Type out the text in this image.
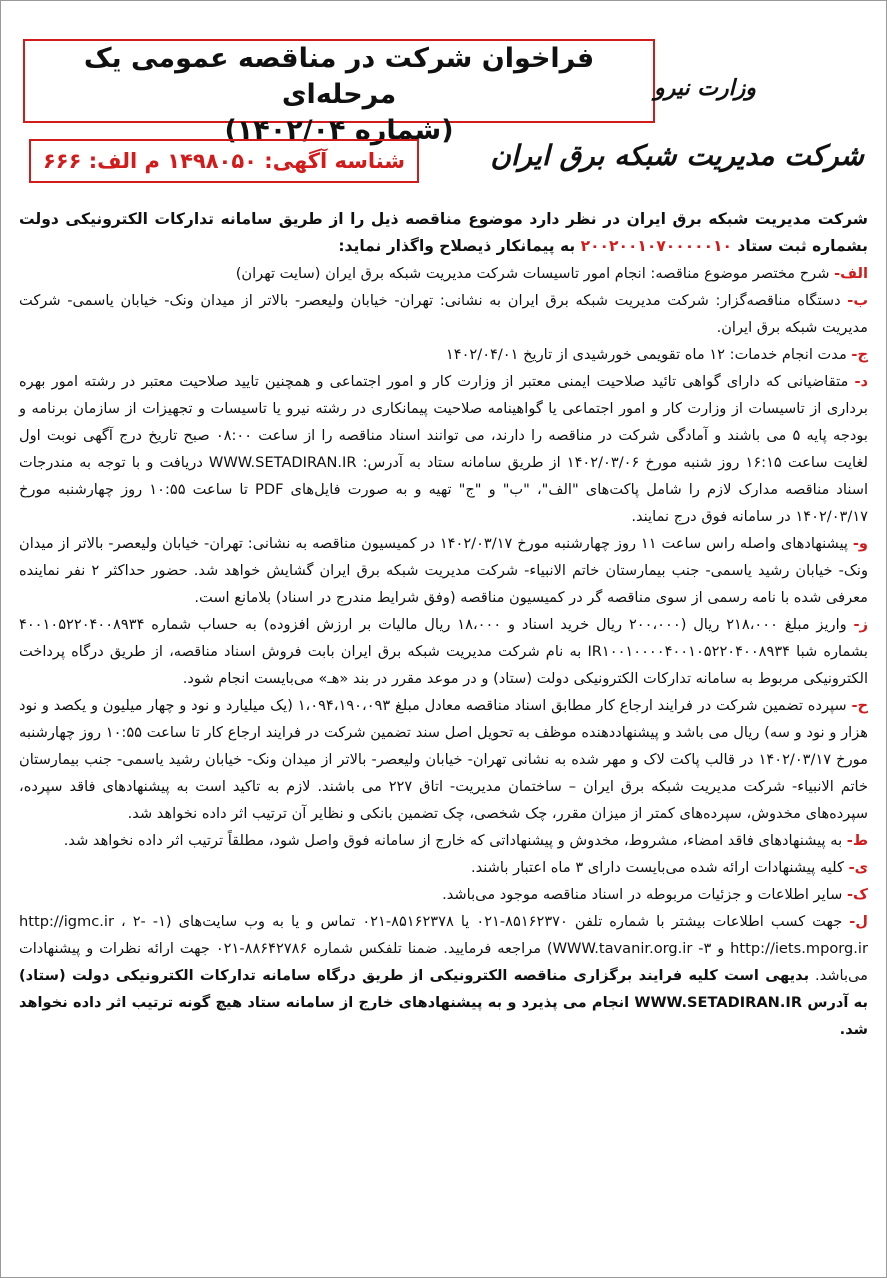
فراخوان شرکت در مناقصه عمومی یک مرحله‌ای
(شماره ۱۴۰۲/۰۴)
وزارت نیرو
شرکت مدیریت شبکه برق ایران
شناسه آگهی: ۱۴۹۸۰۵۰ م الف: ۶۶۶

شرکت مدیریت شبکه برق ایران در نظر دارد موضوع مناقصه ذیل را از طریق سامانه تدارکات الکترونیکی دولت بشماره ثبت ستاد ۲۰۰۲۰۰۱۰۷۰۰۰۰۰۱۰ به پیمانکار ذیصلاح واگذار نماید:

الف- شرح مختصر موضوع مناقصه: انجام امور تاسیسات شرکت مدیریت شبکه برق ایران (سایت تهران)

ب- دستگاه مناقصه‌گزار: شرکت مدیریت شبکه برق ایران به نشانی: تهران- خیابان ولیعصر- بالاتر از میدان ونک- خیابان یاسمی- شرکت مدیریت شبکه برق ایران.

ج- مدت انجام خدمات: ۱۲ ماه تقویمی خورشیدی از تاریخ ۱۴۰۲/۰۴/۰۱

د- متقاضیانی که دارای گواهی تائید صلاحیت ایمنی معتبر از وزارت کار و امور اجتماعی و همچنین تایید صلاحیت معتبر در رشته امور بهره برداری از تاسیسات از وزارت کار و امور اجتماعی یا گواهینامه صلاحیت پیمانکاری در رشته نیرو یا تاسیسات و تجهیزات از سازمان برنامه و بودجه پایه ۵ می باشند و آمادگی شرکت در مناقصه را دارند، می توانند اسناد مناقصه را از ساعت ۰۸:۰۰ صبح تاریخ درج آگهی نوبت اول لغایت ساعت ۱۶:۱۵ روز شنبه مورخ ۱۴۰۲/۰۳/۰۶ از طریق سامانه ستاد به آدرس: WWW.SETADIRAN.IR دریافت و با توجه به مندرجات اسناد مناقصه مدارک لازم را شامل پاکت‌های "الف"، "ب" و "ج" تهیه و به صورت فایل‌های PDF تا ساعت ۱۰:۵۵ روز چهارشنبه مورخ ۱۴۰۲/۰۳/۱۷ در سامانه فوق درج نمایند.

و- پیشنهادهای واصله راس ساعت ۱۱ روز چهارشنبه مورخ ۱۴۰۲/۰۳/۱۷ در کمیسیون مناقصه به نشانی: تهران- خیابان ولیعصر- بالاتر از میدان ونک- خیابان رشید یاسمی- جنب بیمارستان خاتم الانبیاء- شرکت مدیریت شبکه برق ایران گشایش خواهد شد. حضور حداکثر ۲ نفر نماینده معرفی شده با نامه رسمی از سوی مناقصه گر در کمیسیون مناقصه (وفق شرایط مندرج در اسناد) بلامانع است.

ز- واریز مبلغ ۲۱۸،۰۰۰ ریال (۲۰۰،۰۰۰ ریال خرید اسناد و ۱۸،۰۰۰ ریال مالیات بر ارزش افزوده) به حساب شماره ۴۰۰۱۰۵۲۲۰۴۰۰۸۹۳۴ بشماره شبا IR۱۰۰۱۰۰۰۰۴۰۰۱۰۵۲۲۰۴۰۰۸۹۳۴ به نام شرکت مدیریت شبکه برق ایران بابت فروش اسناد مناقصه، از طریق درگاه پرداخت الکترونیکی مربوط به سامانه تدارکات الکترونیکی دولت (ستاد) و در موعد مقرر در بند «هـ» می‌بایست انجام شود.

ح- سپرده تضمین شرکت در فرایند ارجاع کار مطابق اسناد مناقصه معادل مبلغ ۱،۰۹۴،۱۹۰،۰۹۳ (یک میلیارد و نود و چهار میلیون و یکصد و نود هزار و نود و سه) ریال می باشد و پیشنهاددهنده موظف به تحویل اصل سند تضمین شرکت در فرایند ارجاع کار تا ساعت ۱۰:۵۵ روز چهارشنبه مورخ ۱۴۰۲/۰۳/۱۷ در قالب پاکت لاک و مهر شده به نشانی تهران- خیابان ولیعصر- بالاتر از میدان ونک- خیابان رشید یاسمی- جنب بیمارستان خاتم الانبیاء- شرکت مدیریت شبکه برق ایران – ساختمان مدیریت- اتاق ۲۲۷ می باشند. لازم به تاکید است به پیشنهادهای فاقد سپرده، سپرده‌های مخدوش، سپرده‌های کمتر از میزان مقرر، چک شخصی، چک تضمین بانکی و نظایر آن ترتیب اثر داده نخواهد شد.

ط- به پیشنهادهای فاقد امضاء، مشروط، مخدوش و پیشنهاداتی که خارج از سامانه فوق واصل شود، مطلقاً ترتیب اثر داده نخواهد شد.

ی- کلیه پیشنهادات ارائه شده می‌بایست دارای ۳ ماه اعتبار باشند.

ک- سایر اطلاعات و جزئیات مربوطه در اسناد مناقصه موجود می‌باشد.

ل- جهت کسب اطلاعات بیشتر با شماره تلفن ۸۵۱۶۲۳۷۰-۰۲۱ یا ۸۵۱۶۲۳۷۸-۰۲۱ تماس و یا به وب سایت‌های (۱- http://igmc.ir ، ۲- http://iets.mporg.ir و ۳- WWW.tavanir.org.ir) مراجعه فرمایید. ضمنا تلفکس شماره ۸۸۶۴۲۷۸۶-۰۲۱ جهت ارائه نظرات و پیشنهادات می‌باشد. بدیهی است کلیه فرایند برگزاری مناقصه الکترونیکی از طریق درگاه سامانه تدارکات الکترونیکی دولت (ستاد) به آدرس WWW.SETADIRAN.IR انجام می پذیرد و به پیشنهادهای خارج از سامانه ستاد هیچ گونه ترتیب اثر داده نخواهد شد.
